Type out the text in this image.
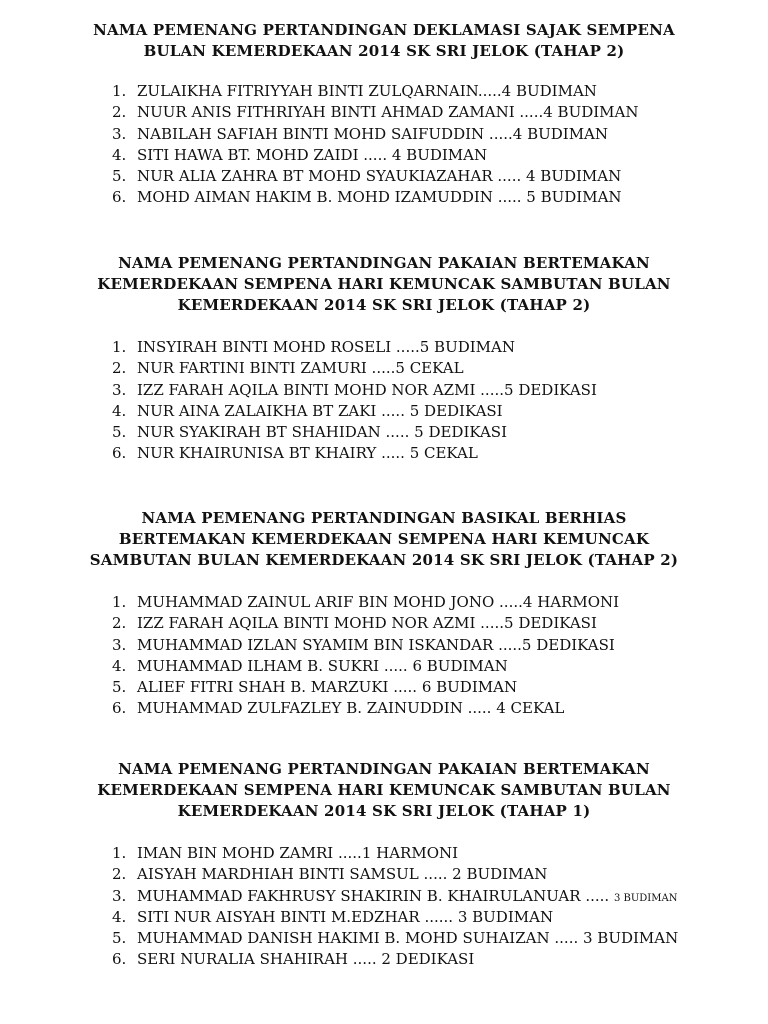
NAMA PEMENANG PERTANDINGAN DEKLAMASI SAJAK SEMPENA
BULAN KEMERDEKAAN 2014 SK SRI JELOK (TAHAP 2)
1. ZULAIKHA FITRIYYAH BINTI ZULQARNAIN.....4 BUDIMAN
2. NUUR ANIS FITHRIYAH BINTI AHMAD ZAMANI .....4 BUDIMAN
3. NABILAH SAFIAH BINTI MOHD SAIFUDDIN .....4 BUDIMAN
4. SITI HAWA BT. MOHD ZAIDI ..... 4 BUDIMAN
5. NUR ALIA ZAHRA BT MOHD SYAUKIAZAHAR ..... 4 BUDIMAN
6. MOHD AIMAN HAKIM B. MOHD IZAMUDDIN ..... 5 BUDIMAN
NAMA PEMENANG PERTANDINGAN PAKAIAN BERTEMAKAN
KEMERDEKAAN SEMPENA HARI KEMUNCAK SAMBUTAN BULAN
KEMERDEKAAN 2014 SK SRI JELOK (TAHAP 2)
1. INSYIRAH BINTI MOHD ROSELI .....5 BUDIMAN
2. NUR FARTINI BINTI ZAMURI .....5 CEKAL
3. IZZ FARAH AQILA BINTI MOHD NOR AZMI .....5 DEDIKASI
4. NUR AINA ZALAIKHA BT ZAKI ..... 5 DEDIKASI
5. NUR SYAKIRAH BT SHAHIDAN ..... 5 DEDIKASI
6. NUR KHAIRUNISA BT KHAIRY ..... 5 CEKAL
NAMA PEMENANG PERTANDINGAN BASIKAL BERHIAS
BERTEMAKAN KEMERDEKAAN SEMPENA HARI KEMUNCAK
SAMBUTAN BULAN KEMERDEKAAN 2014 SK SRI JELOK (TAHAP 2)
1. MUHAMMAD ZAINUL ARIF BIN MOHD JONO .....4 HARMONI
2. IZZ FARAH AQILA BINTI MOHD NOR AZMI .....5 DEDIKASI
3. MUHAMMAD IZLAN SYAMIM BIN ISKANDAR .....5 DEDIKASI
4. MUHAMMAD ILHAM B. SUKRI ..... 6 BUDIMAN
5. ALIEF FITRI SHAH B. MARZUKI ..... 6 BUDIMAN
6. MUHAMMAD ZULFAZLEY B. ZAINUDDIN ..... 4 CEKAL
NAMA PEMENANG PERTANDINGAN PAKAIAN BERTEMAKAN
KEMERDEKAAN SEMPENA HARI KEMUNCAK SAMBUTAN BULAN
KEMERDEKAAN 2014 SK SRI JELOK (TAHAP 1)
1. IMAN BIN MOHD ZAMRI .....1 HARMONI
2. AISYAH MARDHIAH BINTI SAMSUL ..... 2 BUDIMAN
3. MUHAMMAD FAKHRUSY SHAKIRIN B. KHAIRULANUAR ..... 3 BUDIMAN
4. SITI NUR AISYAH BINTI M.EDZHAR ...... 3 BUDIMAN
5. MUHAMMAD DANISH HAKIMI B. MOHD SUHAIZAN ..... 3 BUDIMAN
6. SERI NURALIA SHAHIRAH ..... 2 DEDIKASI
